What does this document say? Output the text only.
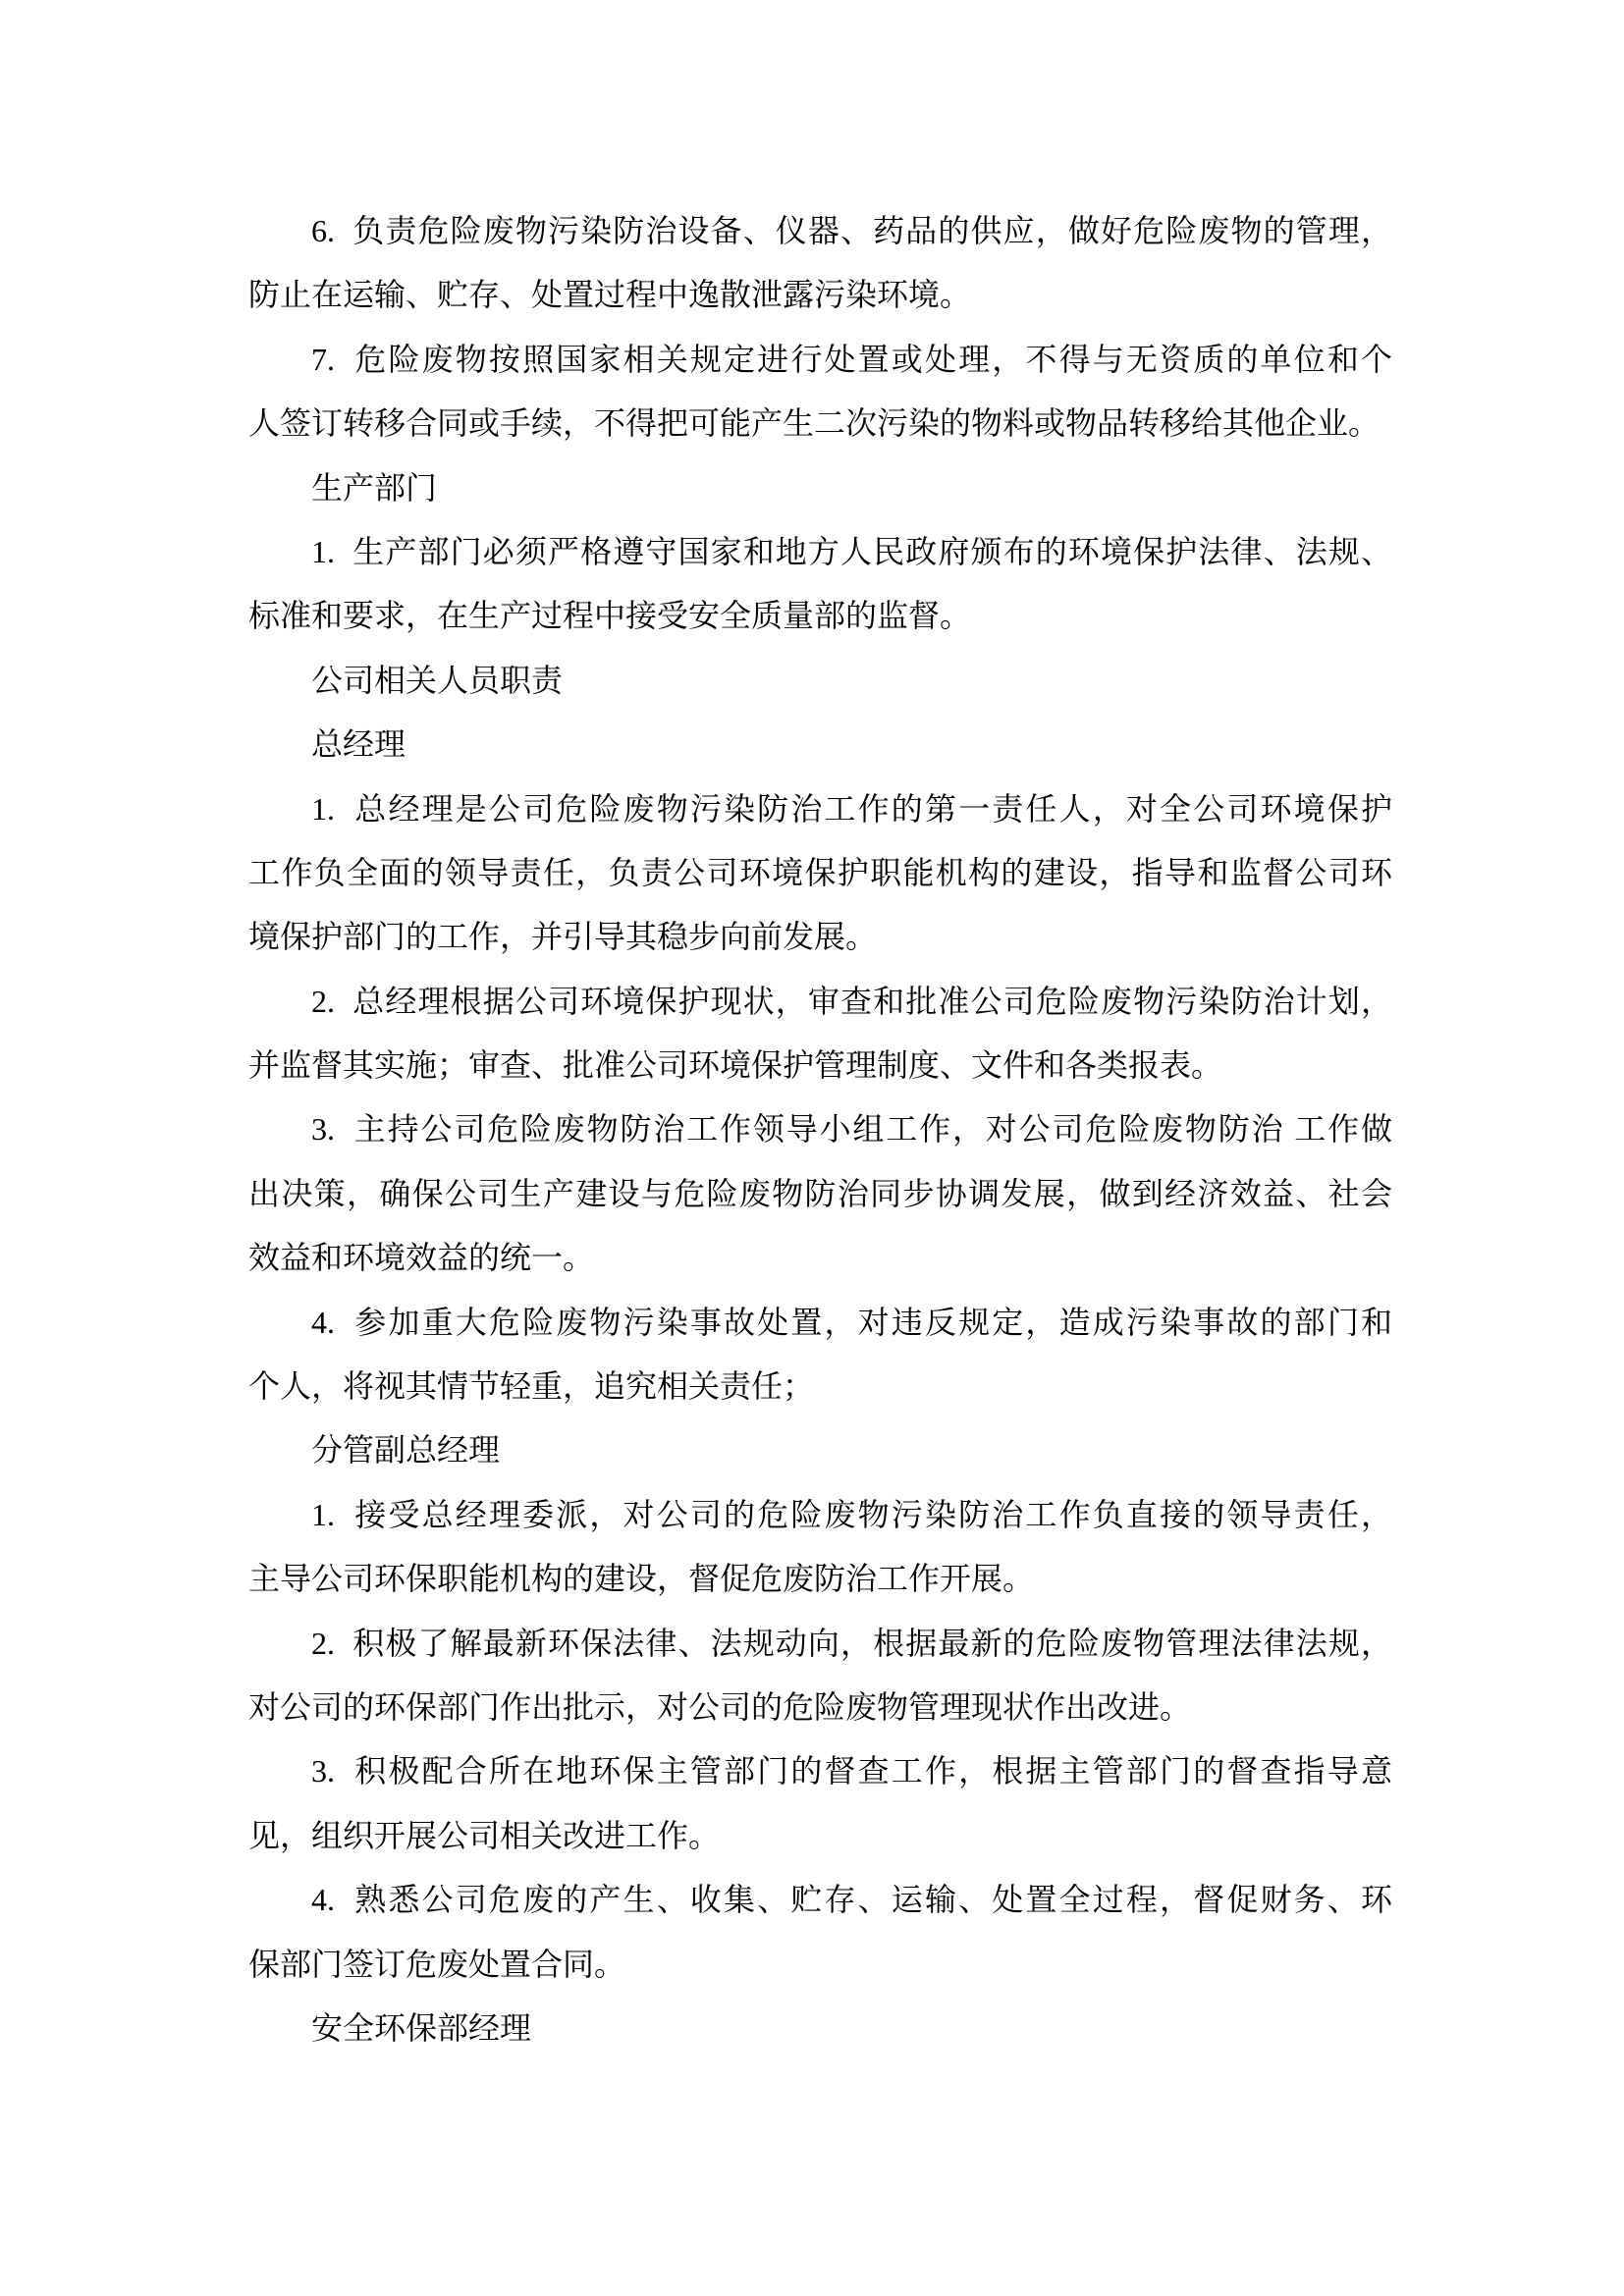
6.  负责危险废物污染防治设备、仪器、药品的供应，做好危险废物的管理，
防止在运输、贮存、处置过程中逸散泄露污染环境。
7.  危险废物按照国家相关规定进行处置或处理，不得与无资质的单位和个
人签订转移合同或手续，不得把可能产生二次污染的物料或物品转移给其他企业。
生产部门
1.  生产部门必须严格遵守国家和地方人民政府颁布的环境保护法律、法规、
标准和要求，在生产过程中接受安全质量部的监督。
公司相关人员职责
总经理
1.  总经理是公司危险废物污染防治工作的第一责任人，对全公司环境保护
工作负全面的领导责任，负责公司环境保护职能机构的建设，指导和监督公司环
境保护部门的工作，并引导其稳步向前发展。
2.  总经理根据公司环境保护现状，审查和批准公司危险废物污染防治计划，
并监督其实施；审查、批准公司环境保护管理制度、文件和各类报表。
3.  主持公司危险废物防治工作领导小组工作，对公司危险废物防治 工作做
出决策，确保公司生产建设与危险废物防治同步协调发展，做到经济效益、社会
效益和环境效益的统一。
4.  参加重大危险废物污染事故处置，对违反规定，造成污染事故的部门和
个人，将视其情节轻重，追究相关责任；
分管副总经理
1.  接受总经理委派，对公司的危险废物污染防治工作负直接的领导责任，
主导公司环保职能机构的建设，督促危废防治工作开展。
2.  积极了解最新环保法律、法规动向，根据最新的危险废物管理法律法规，
对公司的环保部门作出批示，对公司的危险废物管理现状作出改进。
3.  积极配合所在地环保主管部门的督查工作，根据主管部门的督查指导意
见，组织开展公司相关改进工作。
4.  熟悉公司危废的产生、收集、贮存、运输、处置全过程，督促财务、环
保部门签订危废处置合同。
安全环保部经理
